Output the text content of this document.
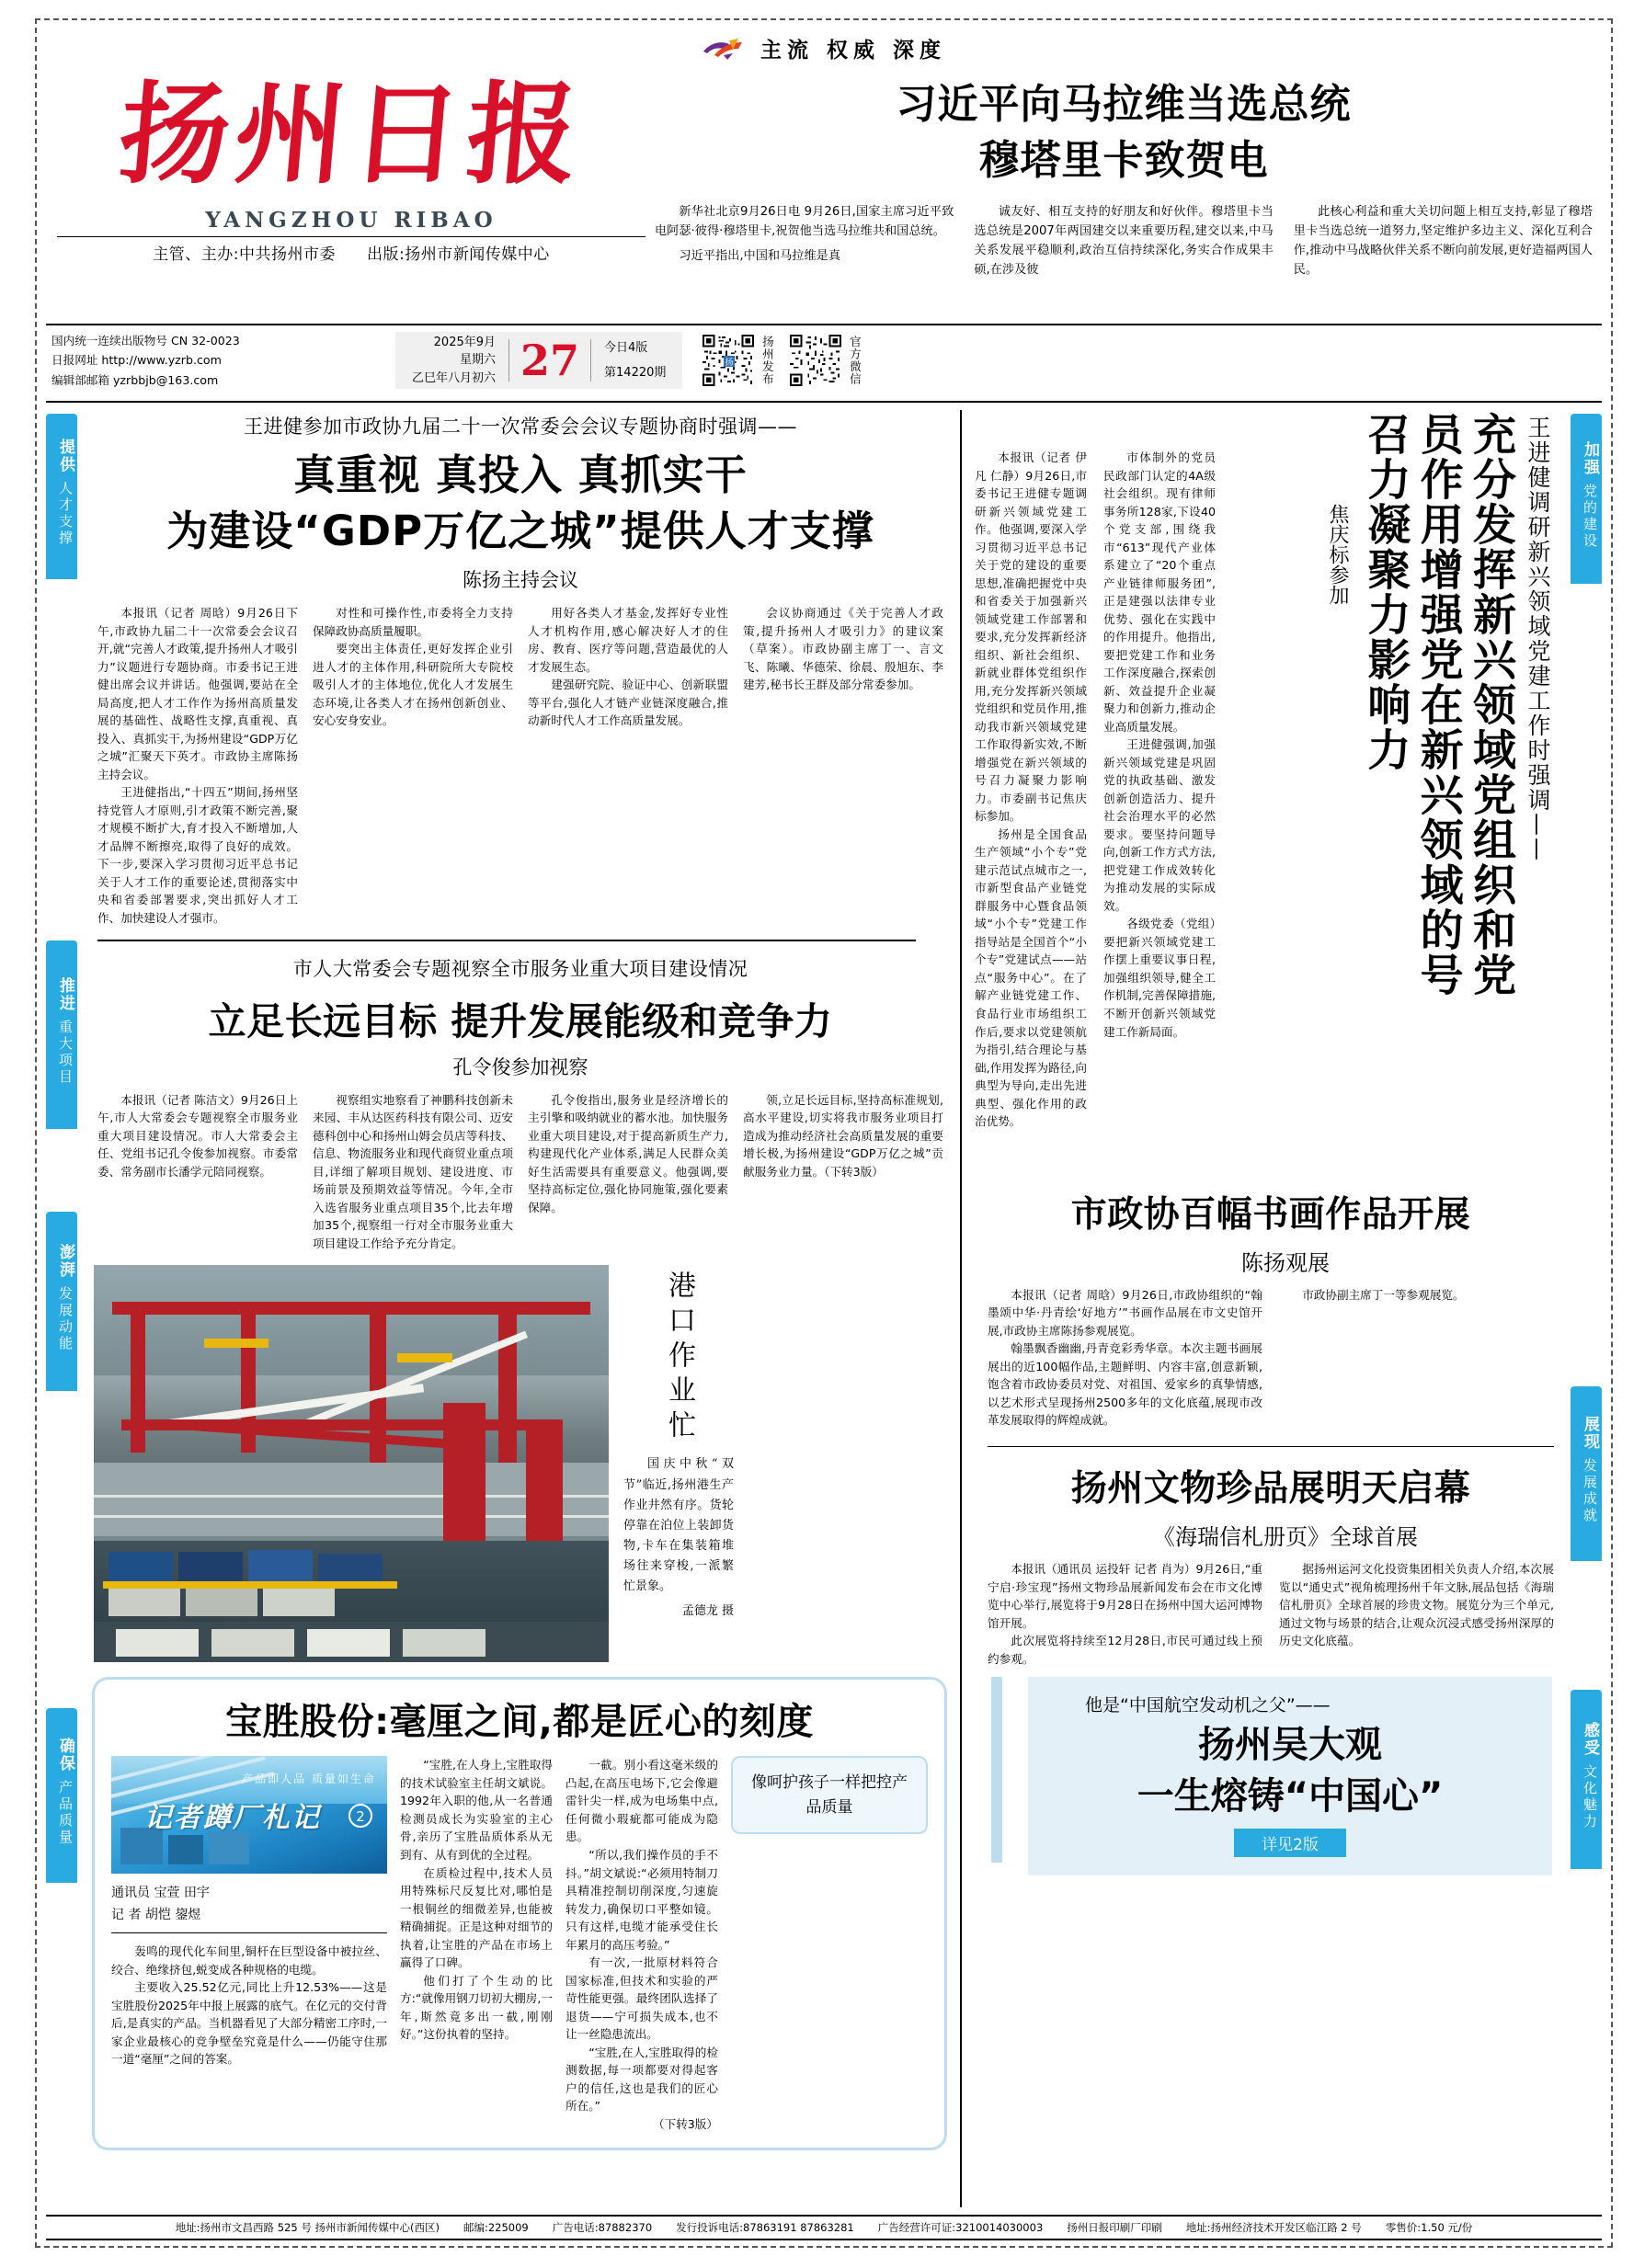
主流 权威 深度
扬州日报
YANGZHOU RIBAO
主管、主办:中共扬州市委 出版:扬州市新闻传媒中心
习近平向马拉维当选总统
穆塔里卡致贺电

新华社北京9月26日电 9月26日,国家主席习近平致电阿瑟·彼得·穆塔里卡,祝贺他当选马拉维共和国总统。

习近平指出,中国和马拉维是真

诚友好、相互支持的好朋友和好伙伴。穆塔里卡当选总统是2007年两国建交以来重要历程,建交以来,中马关系发展平稳顺利,政治互信持续深化,务实合作成果丰硕,在涉及彼

此核心利益和重大关切问题上相互支持,彰显了穆塔里卡当选总统一道努力,坚定维护多边主义、深化互利合作,推动中马战略伙伴关系不断向前发展,更好造福两国人民。

国内统一连续出版物号 CN 32-0023
日报网址 http://www.yzrb.com
编辑部邮箱 yzrbbjb@163.com
2025年9月
星期六
乙巳年八月初六 27	今日4版
第14220期
扬 扬州发布	官方微信
提供 人才支撑
王进健参加市政协九届二十一次常委会会议专题协商时强调——
真重视 真投入 真抓实干
为建设“GDP万亿之城”提供人才支撑
陈扬主持会议

本报讯（记者 周晗）9月26日下午,市政协九届二十一次常委会会议召开,就“完善人才政策,提升扬州人才吸引力”议题进行专题协商。市委书记王进健出席会议并讲话。他强调,要站在全局高度,把人才工作作为扬州高质量发展的基础性、战略性支撑,真重视、真投入、真抓实干,为扬州建设“GDP万亿之城”汇聚天下英才。市政协主席陈扬主持会议。

王进健指出,“十四五”期间,扬州坚持党管人才原则,引才政策不断完善,聚才规模不断扩大,育才投入不断增加,人才品牌不断擦亮,取得了良好的成效。下一步,要深入学习贯彻习近平总书记关于人才工作的重要论述,贯彻落实中央和省委部署要求,突出抓好人才工作、加快建设人才强市。

对性和可操作性,市委将全力支持保障政协高质量履职。

要突出主体责任,更好发挥企业引进人才的主体作用,科研院所大专院校吸引人才的主体地位,优化人才发展生态环境,让各类人才在扬州创新创业、安心安身安业。

用好各类人才基金,发挥好专业性人才机构作用,感心解决好人才的住房、教育、医疗等问题,营造最优的人才发展生态。

建强研究院、验证中心、创新联盟等平台,强化人才链产业链深度融合,推动新时代人才工作高质量发展。

会议协商通过《关于完善人才政策,提升扬州人才吸引力》的建议案（草案）。市政协副主席丁一、言文飞、陈曦、华德荣、徐晨、殷旭东、李建芳,秘书长王群及部分常委参加。

推进 重大项目
市人大常委会专题视察全市服务业重大项目建设情况
立足长远目标 提升发展能级和竞争力
孔令俊参加视察

本报讯（记者 陈洁文）9月26日上午,市人大常委会专题视察全市服务业重大项目建设情况。市人大常委会主任、党组书记孔令俊参加视察。市委常委、常务副市长潘学元陪同视察。

视察组实地察看了神鹏科技创新未来园、丰从达医药科技有限公司、迈安德科创中心和扬州山姆会员店等科技、信息、物流服务业和现代商贸业重点项目,详细了解项目规划、建设进度、市场前景及预期效益等情况。今年,全市入选省服务业重点项目35个,比去年增加35个,视察组一行对全市服务业重大项目建设工作给予充分肯定。

孔令俊指出,服务业是经济增长的主引擎和吸纳就业的蓄水池。加快服务业重大项目建设,对于提高新质生产力,构建现代化产业体系,满足人民群众美好生活需要具有重要意义。他强调,要坚持高标定位,强化协同施策,强化要素保障。

领,立足长远目标,坚持高标准规划,高水平建设,切实将我市服务业项目打造成为推动经济社会高质量发展的重要增长极,为扬州建设“GDP万亿之城”贡献服务业力量。（下转3版）

澎湃 发展动能	港口作业忙

国庆中秋“双节”临近,扬州港生产作业井然有序。货轮停靠在泊位上装卸货物,卡车在集装箱堆场往来穿梭,一派繁忙景象。

孟德龙 摄
确保 产品质量
宝胜股份:毫厘之间,都是匠心的刻度
产品即人品 质量如生命
记者蹲厂札记	2
通讯员 宝萱 田宇
记 者 胡恺 鋆煜

轰鸣的现代化车间里,铜杆在巨型设备中被拉丝、绞合、绝缘挤包,蜕变成各种规格的电缆。

主要收入25.52亿元,同比上升12.53%——这是宝胜股份2025年中报上展露的底气。在亿元的交付背后,是真实的产品。当机器看见了大部分精密工序时,一家企业最核心的竞争壁垒究竟是什么——仍能守住那一道“毫厘”之间的答案。

“宝胜,在人身上,宝胜取得的技术试验室主任胡文斌说。1992年入职的他,从一名普通检测员成长为实验室的主心骨,亲历了宝胜品质体系从无到有、从有到优的全过程。

在质检过程中,技术人员用特殊标尺反复比对,哪怕是一根铜丝的细微差异,也能被精确捕捉。正是这种对细节的执着,让宝胜的产品在市场上赢得了口碑。

他们打了个生动的比方:“就像用钢刀切初大棚房,一年,斯然竟多出一截,刚刚好。”这份执着的坚持。

一截。别小看这毫米级的凸起,在高压电场下,它会像避雷针尖一样,成为电场集中点,任何微小瑕疵都可能成为隐患。

“所以,我们操作员的手不抖。”胡文斌说:“必须用特制刀具精准控制切削深度,匀速旋转发力,确保切口平整如镜。只有这样,电缆才能承受住长年累月的高压考验。”

有一次,一批原材料符合国家标准,但技术和实验的严苛性能更强。最终团队选择了退货——宁可损失成本,也不让一丝隐患流出。

“宝胜,在人,宝胜取得的检测数据,每一项都要对得起客户的信任,这也是我们的匠心所在。”

（下转3版）

像呵护孩子一样把控产品质量
加强 党的建设
焦庆标参加	充分发挥新兴领域党组织和党员作用增强党在新兴领域的号召力凝聚力影响力	王进健调研新兴领域党建工作时强调——

本报讯（记者 伊凡 仁静）9月26日,市委书记王进健专题调研新兴领域党建工作。他强调,要深入学习贯彻习近平总书记关于党的建设的重要思想,准确把握党中央和省委关于加强新兴领域党建工作部署和要求,充分发挥新经济组织、新社会组织、新就业群体党组织作用,充分发挥新兴领域党组织和党员作用,推动我市新兴领域党建工作取得新实效,不断增强党在新兴领域的号召力凝聚力影响力。市委副书记焦庆标参加。

扬州是全国食品生产领域“小个专”党建示范试点城市之一,市新型食品产业链党群服务中心暨食品领域“小个专”党建工作指导站是全国首个“小个专”党建试点——站点“服务中心”。在了解产业链党建工作、食品行业市场组织工作后,要求以党建领航为指引,结合理论与基础,作用发挥为路径,向典型为导向,走出先进典型、强化作用的政治优势。

市体制外的党员民政部门认定的4A级社会组织。现有律师事务所128家,下设40个党支部,围绕我市“613”现代产业体系建立了“20个重点产业链律师服务团”,正是建强以法律专业优势、强化在实践中的作用提升。他指出,要把党建工作和业务工作深度融合,探索创新、效益提升企业凝聚力和创新力,推动企业高质量发展。

王进健强调,加强新兴领域党建是巩固党的执政基础、激发创新创造活力、提升社会治理水平的必然要求。要坚持问题导向,创新工作方式方法,把党建工作成效转化为推动发展的实际成效。

各级党委（党组）要把新兴领域党建工作摆上重要议事日程,加强组织领导,健全工作机制,完善保障措施,不断开创新兴领域党建工作新局面。

展现 发展成就
市政协百幅书画作品开展
陈扬观展

本报讯（记者 周晗）9月26日,市政协组织的“翰墨颂中华·丹青绘‘好地方’”书画作品展在市文史馆开展,市政协主席陈扬参观展览。

翰墨飘香幽幽,丹青竞彩秀华章。本次主题书画展展出的近100幅作品,主题鲜明、内容丰富,创意新颖,饱含着市政协委员对党、对祖国、爱家乡的真挚情感,以艺术形式呈现扬州2500多年的文化底蕴,展现市改革发展取得的辉煌成就。

市政协副主席丁一等参观展览。

感受 文化魅力
扬州文物珍品展明天启幕
《海瑞信札册页》全球首展

本报讯（通讯员 运投轩 记者 肖为）9月26日,“重宁启·珍宝现”扬州文物珍品展新闻发布会在市文化博览中心举行,展览将于9月28日在扬州中国大运河博物馆开展。

此次展览将持续至12月28日,市民可通过线上预约参观。

据扬州运河文化投资集团相关负责人介绍,本次展览以“通史式”视角梳理扬州千年文脉,展品包括《海瑞信札册页》全球首展的珍贵文物。展览分为三个单元,通过文物与场景的结合,让观众沉浸式感受扬州深厚的历史文化底蕴。

他是“中国航空发动机之父”——
扬州吴大观
一生熔铸“中国心”
详见2版
地址:扬州市文昌西路 525 号 扬州市新闻传媒中心(西区) 邮编:225009 广告电话:87882370 发行投诉电话:87863191 87863281 广告经营许可证:3210014030003 扬州日报印刷厂印刷 地址:扬州经济技术开发区临江路 2 号 零售价:1.50 元/份
